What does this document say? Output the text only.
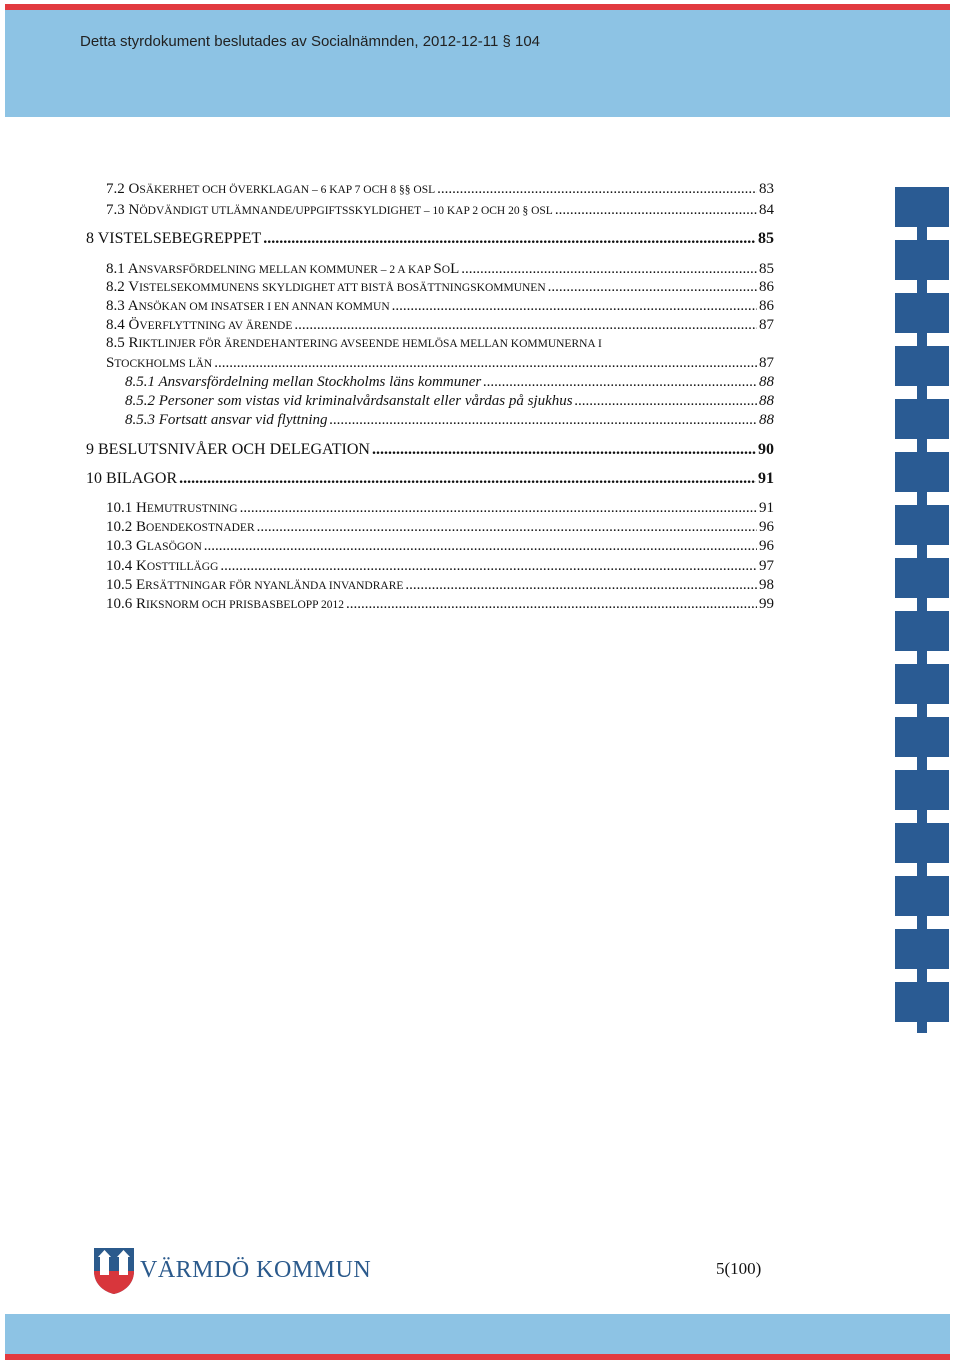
Detta styrdokument beslutades av Socialnämnden, 2012-12-11 § 104
7.2 OSÄKERHET OCH ÖVERKLAGAN – 6 KAP 7 OCH 8 §§ OSL .....	83
7.3 NÖDVÄNDIGT UTLÄMNANDE/UPPGIFTSSKYLDIGHET – 10 KAP 2 OCH 20 § OSL .....	84
8 VISTELSEBEGREPPET .....	85
8.1 ANSVARSFÖRDELNING MELLAN KOMMUNER – 2 A KAP SOL .....	85
8.2 VISTELSEKOMMUNENS SKYLDIGHET ATT BISTÅ BOSÄTTNINGSKOMMUNEN .....	86
8.3 ANSÖKAN OM INSATSER I EN ANNAN KOMMUN .....	86
8.4 ÖVERFLYTTNING AV ÄRENDE .....	87
8.5 RIKTLINJER FÖR ÄRENDEHANTERING AVSEENDE HEMLÖSA MELLAN KOMMUNERNA I
STOCKHOLMS LÄN .....	87
8.5.1 Ansvarsfördelning mellan Stockholms läns kommuner .....	88
8.5.2 Personer som vistas vid kriminalvårdsanstalt eller vårdas på sjukhus .....	88
8.5.3 Fortsatt ansvar vid flyttning .....	88
9 BESLUTSNIVÅER OCH DELEGATION .....	90
10 BILAGOR .....	91
10.1 HEMUTRUSTNING .....	91
10.2 BOENDEKOSTNADER .....	96
10.3 GLASÖGON .....	96
10.4 KOSTTILLÄGG .....	97
10.5 ERSÄTTNINGAR FÖR NYANLÄNDA INVANDRARE .....	98
10.6 RIKSNORM OCH PRISBASBELOPP 2012 .....	99
VÄRMDÖ KOMMUN	5(100)
